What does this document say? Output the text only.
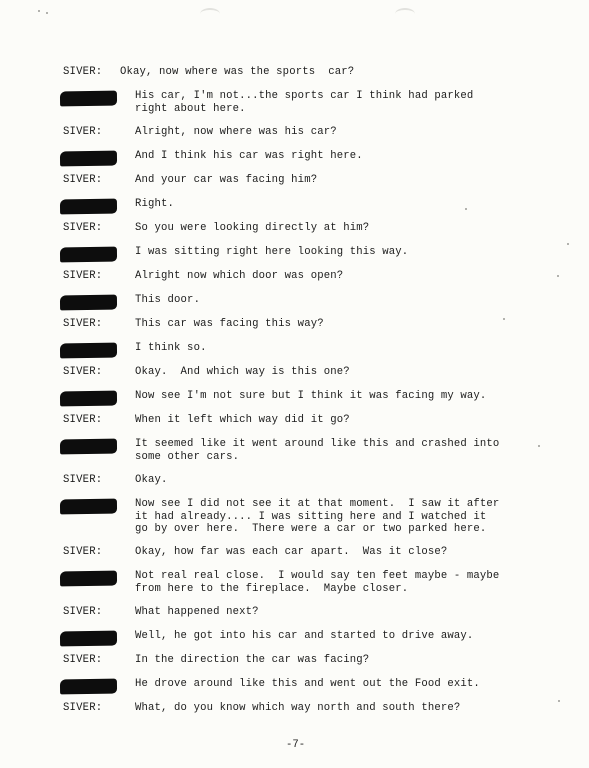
SIVER: Okay, now where was the sports  car?
His car, I'm not...the sports car I think had parked
right about here.
SIVER:	Alright, now where was his car?
And I think his car was right here.
SIVER:	And your car was facing him?
Right.
SIVER:	So you were looking directly at him?
I was sitting right here looking this way.
SIVER:	Alright now which door was open?
This door.
SIVER:	This car was facing this way?
I think so.
SIVER:	Okay.  And which way is this one?
Now see I'm not sure but I think it was facing my way.
SIVER:	When it left which way did it go?
It seemed like it went around like this and crashed into
some other cars.
SIVER:	Okay.
Now see I did not see it at that moment.  I saw it after
it had already.... I was sitting here and I watched it
go by over here.  There were a car or two parked here.
SIVER:	Okay, how far was each car apart.  Was it close?
Not real real close.  I would say ten feet maybe - maybe
from here to the fireplace.  Maybe closer.
SIVER:	What happened next?
Well, he got into his car and started to drive away.
SIVER:	In the direction the car was facing?
He drove around like this and went out the Food exit.
SIVER:	What, do you know which way north and south there?
-7-
